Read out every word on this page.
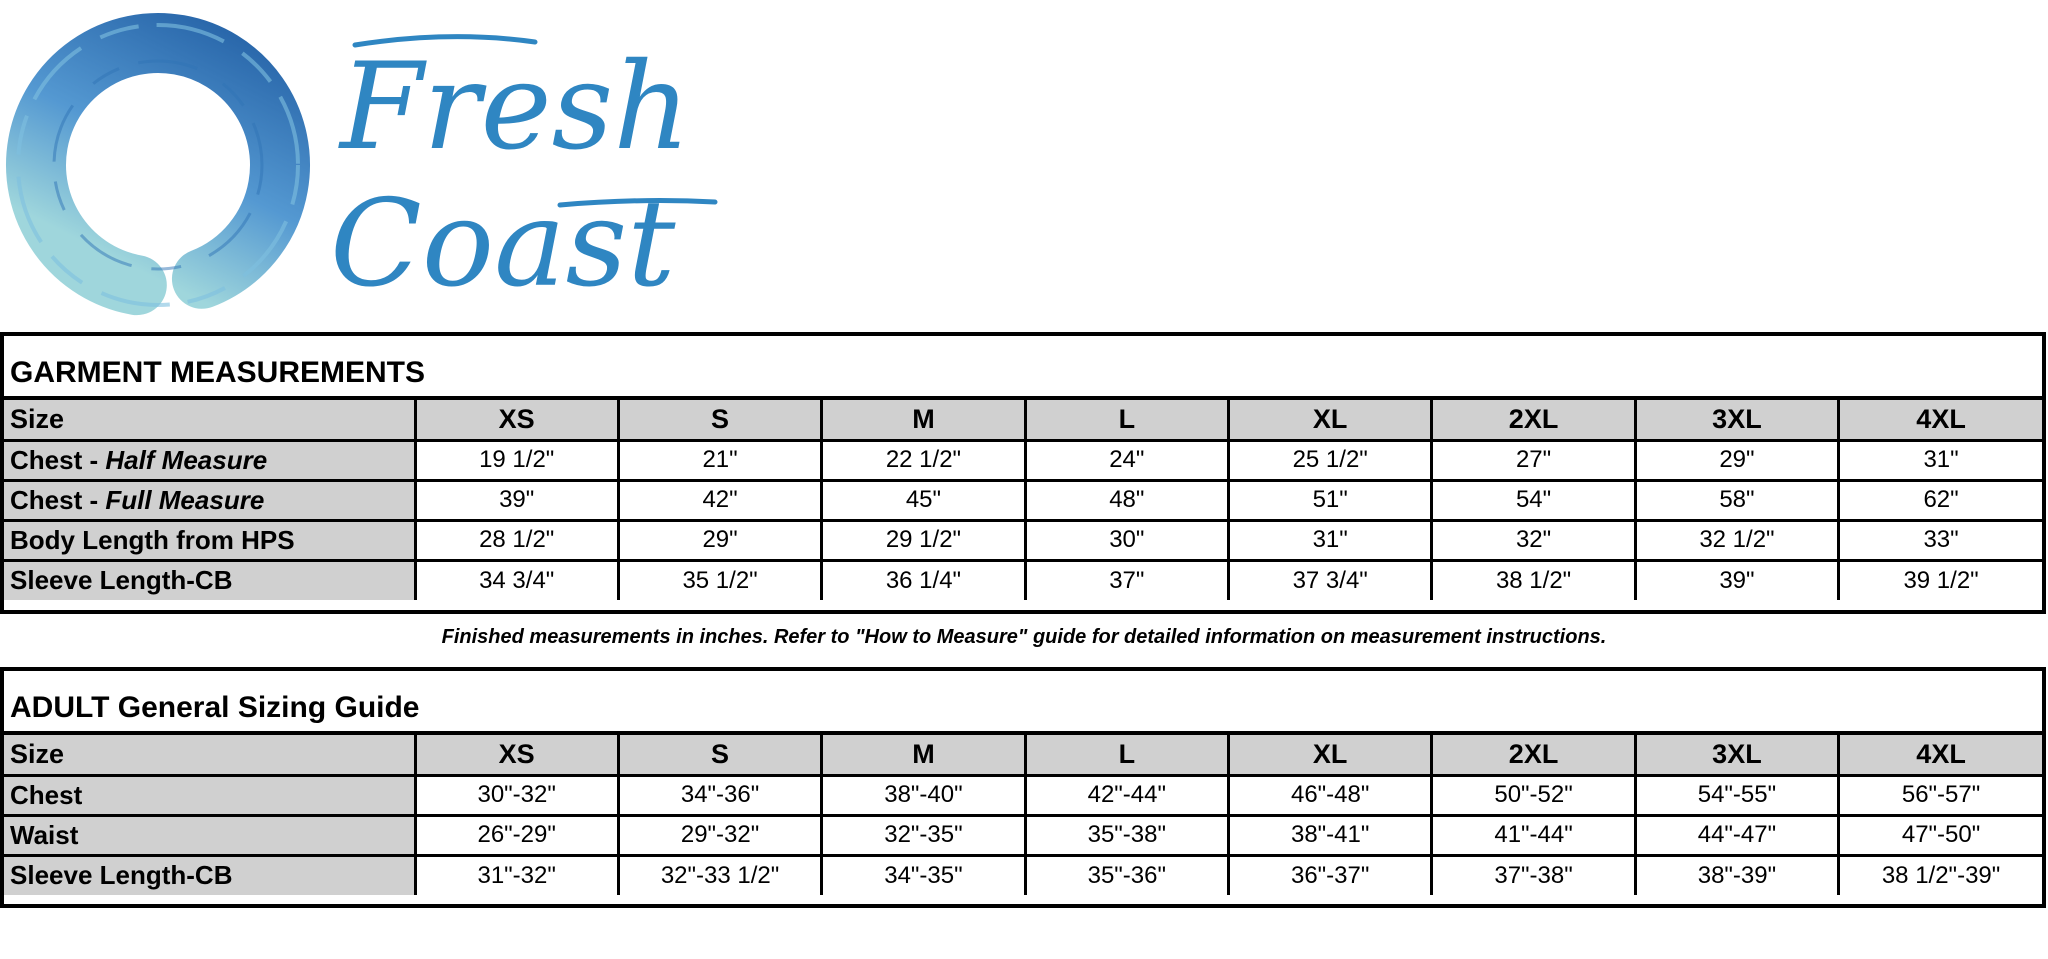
Fresh
Coast
GARMENT MEASUREMENTS
Size	XS	S	M	L	XL	2XL	3XL	4XL
Chest - Half Measure	19 1/2"	21"	22 1/2"	24"	25 1/2"	27"	29"	31"
Chest - Full Measure	39"	42"	45"	48"	51"	54"	58"	62"
Body Length from HPS	28 1/2"	29"	29 1/2"	30"	31"	32"	32 1/2"	33"
Sleeve Length-CB	34 3/4"	35 1/2"	36 1/4"	37"	37 3/4"	38 1/2"	39"	39 1/2"
Finished measurements in inches. Refer to "How to Measure" guide for detailed information on measurement instructions.
ADULT General Sizing Guide
Size	XS	S	M	L	XL	2XL	3XL	4XL
Chest	30"-32"	34"-36"	38"-40"	42"-44"	46"-48"	50"-52"	54"-55"	56"-57"
Waist	26"-29"	29"-32"	32"-35"	35"-38"	38"-41"	41"-44"	44"-47"	47"-50"
Sleeve Length-CB	31"-32"	32"-33 1/2"	34"-35"	35"-36"	36"-37"	37"-38"	38"-39"	38 1/2"-39"
